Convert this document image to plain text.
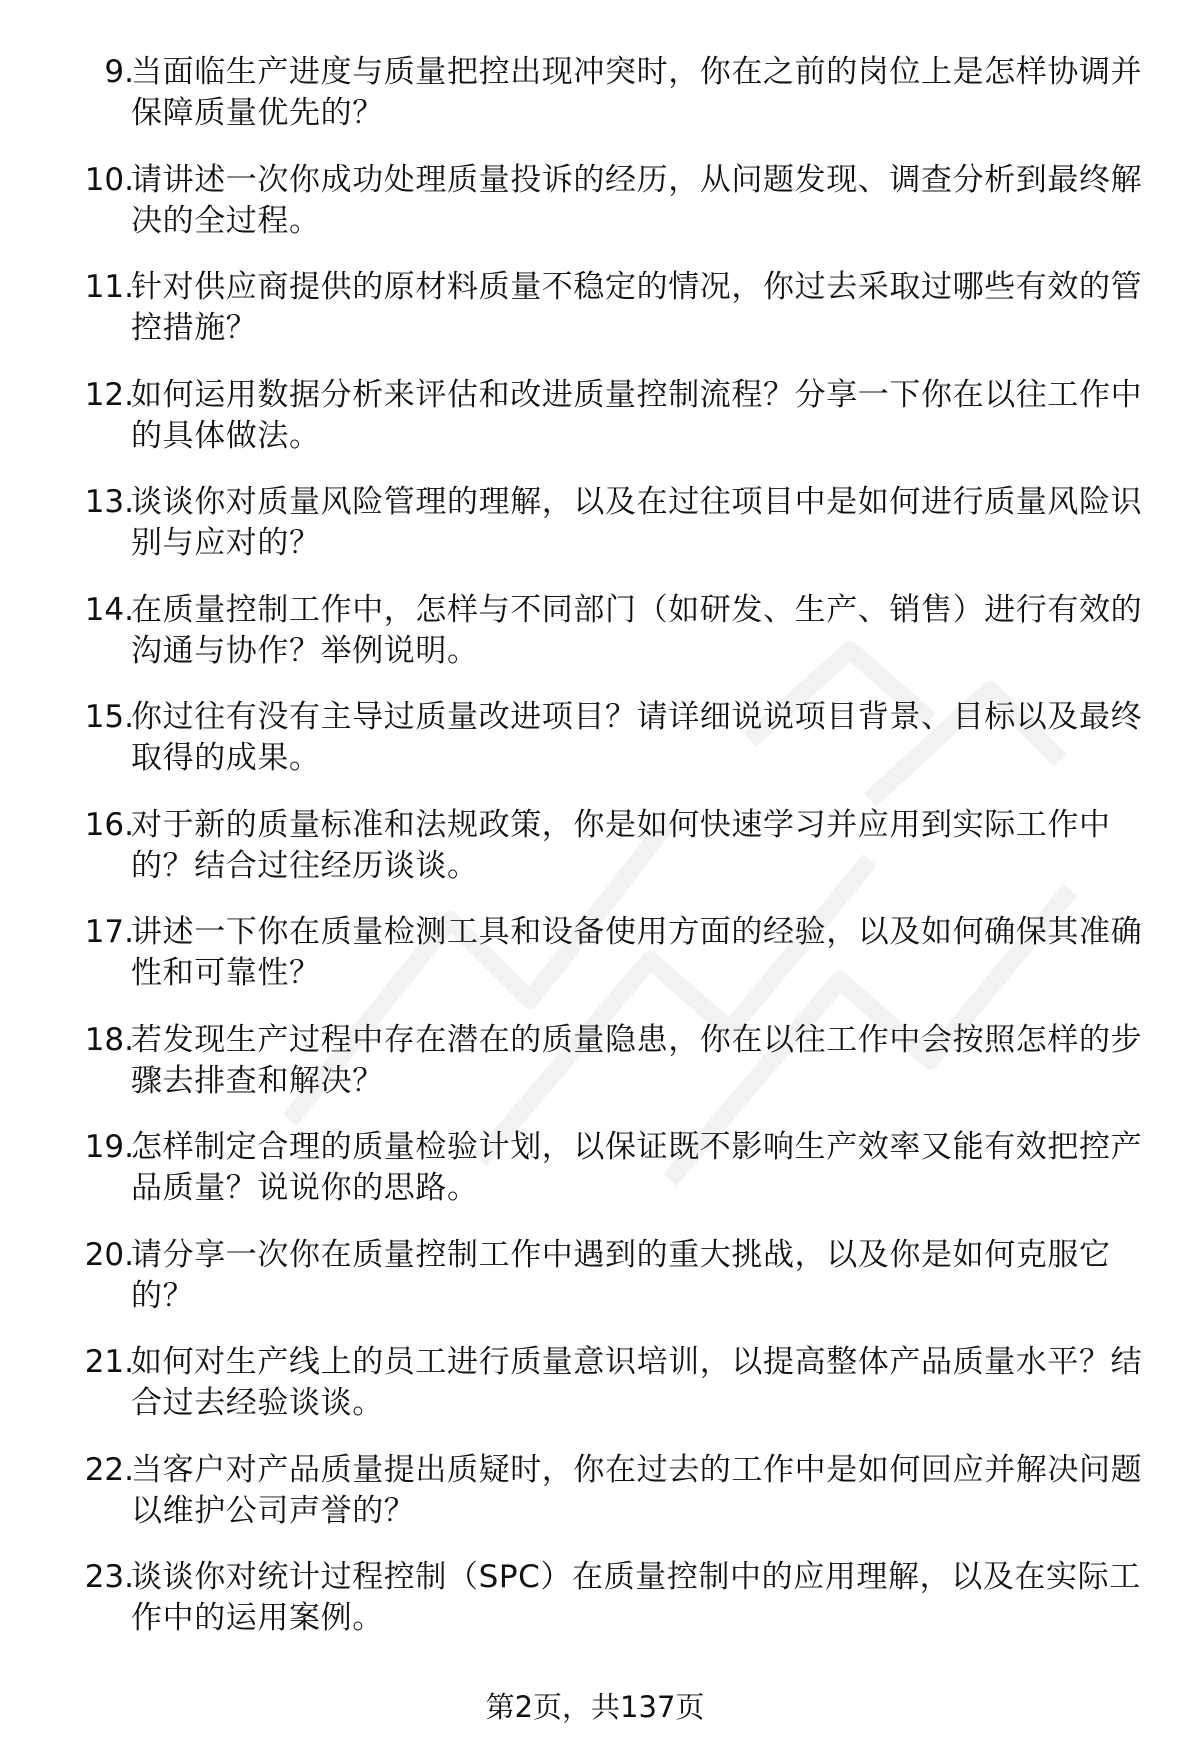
9.
当面临生产进度与质量把控出现冲突时，你在之前的岗位上是怎样协调并保障质量优先的？
10.
请讲述一次你成功处理质量投诉的经历，从问题发现、调查分析到最终解决的全过程。
11.
针对供应商提供的原材料质量不稳定的情况，你过去采取过哪些有效的管控措施？
12.
如何运用数据分析来评估和改进质量控制流程？分享一下你在以往工作中的具体做法。
13.
谈谈你对质量风险管理的理解，以及在过往项目中是如何进行质量风险识别与应对的？
14.
在质量控制工作中，怎样与不同部门（如研发、生产、销售）进行有效的沟通与协作？举例说明。
15.
你过往有没有主导过质量改进项目？请详细说说项目背景、目标以及最终取得的成果。
16.
对于新的质量标准和法规政策，你是如何快速学习并应用到实际工作中的？结合过往经历谈谈。
17.
讲述一下你在质量检测工具和设备使用方面的经验，以及如何确保其准确性和可靠性？
18.
若发现生产过程中存在潜在的质量隐患，你在以往工作中会按照怎样的步骤去排查和解决？
19.
怎样制定合理的质量检验计划，以保证既不影响生产效率又能有效把控产品质量？说说你的思路。
20.
请分享一次你在质量控制工作中遇到的重大挑战，以及你是如何克服它的？
21.
如何对生产线上的员工进行质量意识培训，以提高整体产品质量水平？结合过去经验谈谈。
22.
当客户对产品质量提出质疑时，你在过去的工作中是如何回应并解决问题以维护公司声誉的？
23.
谈谈你对统计过程控制（SPC）在质量控制中的应用理解，以及在实际工作中的运用案例。
第2页，共137页
